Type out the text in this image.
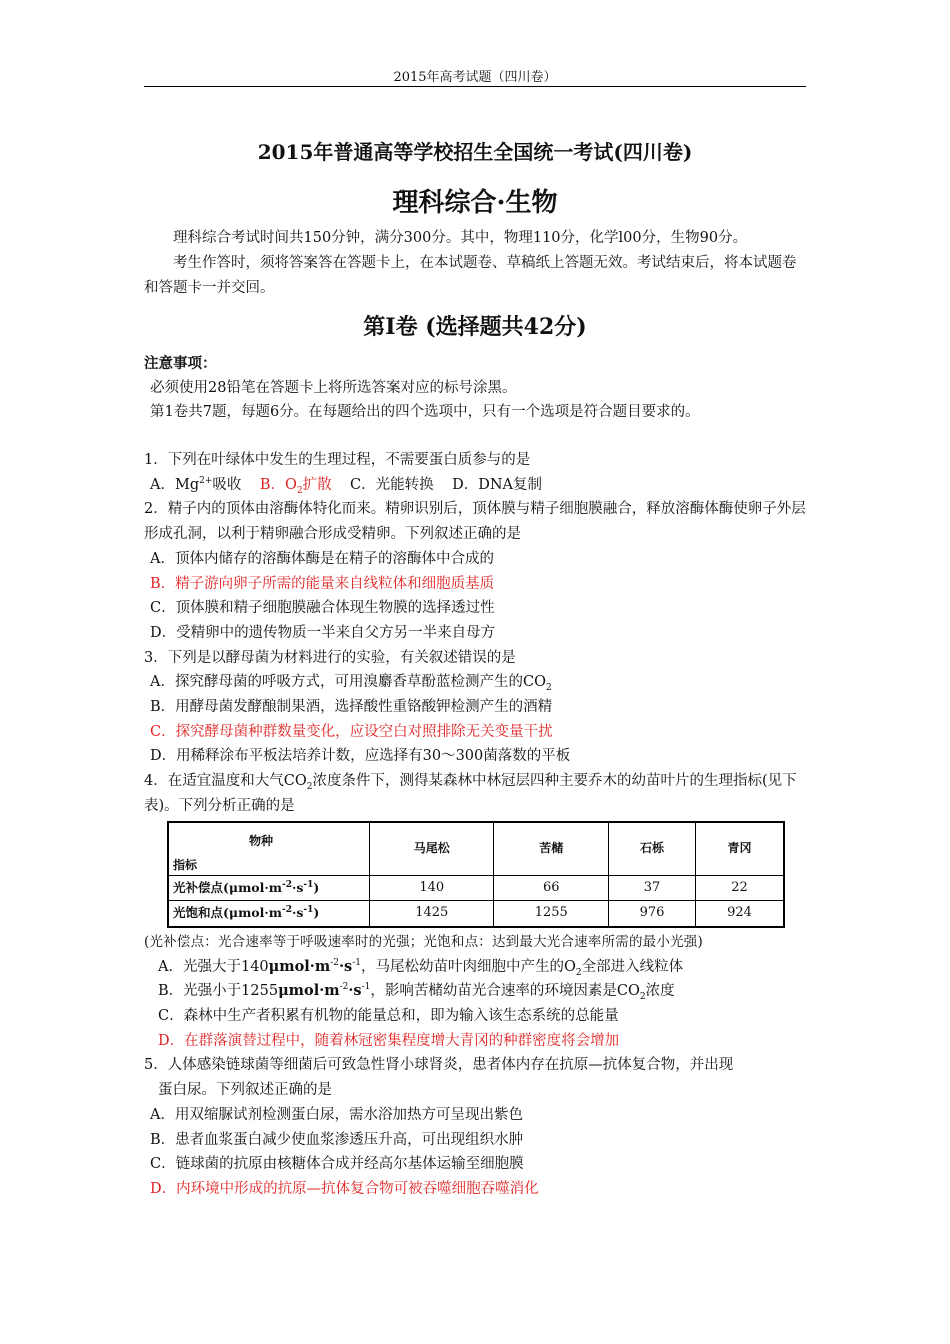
2015年高考试题（四川卷）
2015年普通高等学校招生全国统一考试(四川卷)
理科综合·生物

理科综合考试时间共150分钟，满分300分。其中，物理110分，化学l00分，生物90分。

考生作答时，须将答案答在答题卡上，在本试题卷、草稿纸上答题无效。考试结束后，将本试题卷和答题卡一并交回。

第Ⅰ卷 (选择题共42分)
注意事项：

必须使用28铅笔在答题卡上将所选答案对应的标号涂黑。

第1卷共7题，每题6分。在每题给出的四个选项中，只有一个选项是符合题目要求的。

1．下列在叶绿体中发生的生理过程，不需要蛋白质参与的是

A．$Mg^{2+}$吸收 B．$O_2$扩散 C．光能转换 D．DNA复制

2．精子内的顶体由溶酶体特化而来。精卵识别后，顶体膜与精子细胞膜融合，释放溶酶体酶使卵子外层形成孔洞，以利于精卵融合形成受精卵。下列叙述正确的是

A．顶体内储存的溶酶体酶是在精子的溶酶体中合成的

B．精子游向卵子所需的能量来自线粒体和细胞质基质

C．顶体膜和精子细胞膜融合体现生物膜的选择透过性

D．受精卵中的遗传物质一半来自父方另一半来自母方

3．下列是以酵母菌为材料进行的实验，有关叙述错误的是

A．探究酵母菌的呼吸方式，可用溴麝香草酚蓝检测产生的$CO_2$

B．用酵母菌发酵酿制果酒，选择酸性重铬酸钾检测产生的酒精

C．探究酵母菌种群数量变化，应设空白对照排除无关变量干扰

D．用稀释涂布平板法培养计数，应选择有30～300菌落数的平板

4．在适宜温度和大气$CO_2$浓度条件下，测得某森林中林冠层四种主要乔木的幼苗叶片的生理指标(见下表)。下列分析正确的是

物种
指标	马尾松	苦槠	石栎	青冈
光补偿点$(\mu mol\cdot m^{-2}\cdot s^{-1})$	140	66	37	22
光饱和点$(\mu mol\cdot m^{-2}\cdot s^{-1})$	1425	1255	976	924

(光补偿点：光合速率等于呼吸速率时的光强；光饱和点：达到最大光合速率所需的最小光强)

A．光强大于$140\mu mol\cdot m^{-2}\cdot s^{-1}$，马尾松幼苗叶肉细胞中产生的$O_2$全部进入线粒体

B．光强小于$1255\mu mol\cdot m^{-2}\cdot s^{-1}$，影响苦槠幼苗光合速率的环境因素是$CO_2$浓度

C．森林中生产者积累有机物的能量总和，即为输入该生态系统的总能量

D．在群落演替过程中，随着林冠密集程度增大青冈的种群密度将会增加

5．人体感染链球菌等细菌后可致急性肾小球肾炎，患者体内存在抗原—抗体复合物，并出现

蛋白尿。下列叙述正确的是

A．用双缩脲试剂检测蛋白尿，需水浴加热方可呈现出紫色

B．患者血浆蛋白减少使血浆渗透压升高，可出现组织水肿

C．链球菌的抗原由核糖体合成并经高尔基体运输至细胞膜

D．内环境中形成的抗原—抗体复合物可被吞噬细胞吞噬消化
